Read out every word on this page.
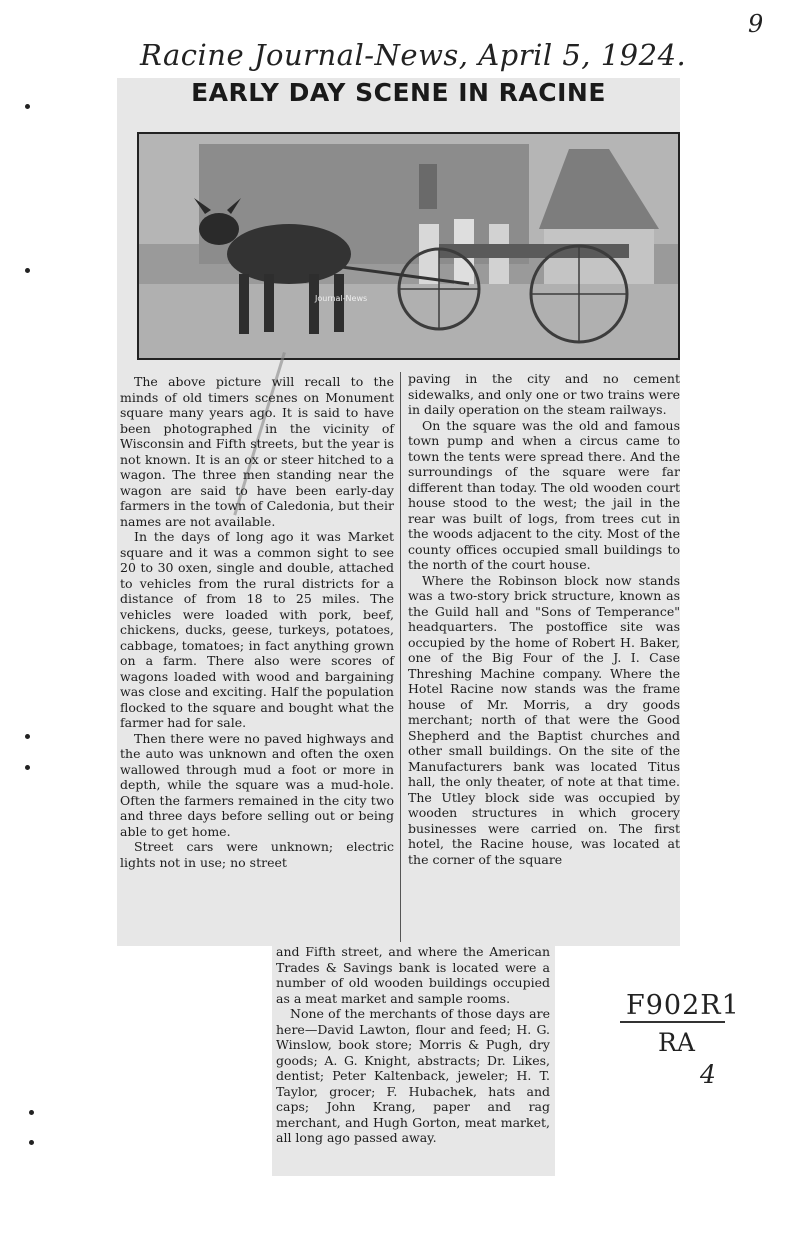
Racine Journal-News, April 5, 1924.
9
F902R1
RA
4
EARLY DAY SCENE IN RACINE
Journal-News

The above picture will recall to the minds of old timers scenes on Monument square many years ago. It is said to have been photographed in the vicinity of Wisconsin and Fifth streets, but the year is not known. It is an ox or steer hitched to a wagon. The three men standing near the wagon are said to have been early-day farmers in the town of Caledonia, but their names are not available.

In the days of long ago it was Market square and it was a common sight to see 20 to 30 oxen, single and double, attached to vehicles from the rural districts for a distance of from 18 to 25 miles. The vehicles were loaded with pork, beef, chickens, ducks, geese, turkeys, potatoes, cabbage, tomatoes; in fact anything grown on a farm. There also were scores of wagons loaded with wood and bargaining was close and exciting. Half the population flocked to the square and bought what the farmer had for sale.

Then there were no paved highways and the auto was unknown and often the oxen wallowed through mud a foot or more in depth, while the square was a mud-hole. Often the farmers remained in the city two and three days before selling out or being able to get home.

Street cars were unknown; electric lights not in use; no street

paving in the city and no cement sidewalks, and only one or two trains were in daily operation on the steam railways.

On the square was the old and famous town pump and when a circus came to town the tents were spread there. And the surroundings of the square were far different than today. The old wooden court house stood to the west; the jail in the rear was built of logs, from trees cut in the woods adjacent to the city. Most of the county offices occupied small buildings to the north of the court house.

Where the Robinson block now stands was a two-story brick structure, known as the Guild hall and "Sons of Temperance" headquarters. The postoffice site was occupied by the home of Robert H. Baker, one of the Big Four of the J. I. Case Threshing Machine company. Where the Hotel Racine now stands was the frame house of Mr. Morris, a dry goods merchant; north of that were the Good Shepherd and the Baptist churches and other small buildings. On the site of the Manufacturers bank was located Titus hall, the only theater, of note at that time. The Utley block side was occupied by wooden structures in which grocery businesses were carried on. The first hotel, the Racine house, was located at the corner of the square

and Fifth street, and where the American Trades & Savings bank is located were a number of old wooden buildings occupied as a meat market and sample rooms.

None of the merchants of those days are here—David Lawton, flour and feed; H. G. Winslow, book store; Morris & Pugh, dry goods; A. G. Knight, abstracts; Dr. Likes, dentist; Peter Kaltenback, jeweler; H. T. Taylor, grocer; F. Hubachek, hats and caps; John Krang, paper and rag merchant, and Hugh Gorton, meat market, all long ago passed away.
